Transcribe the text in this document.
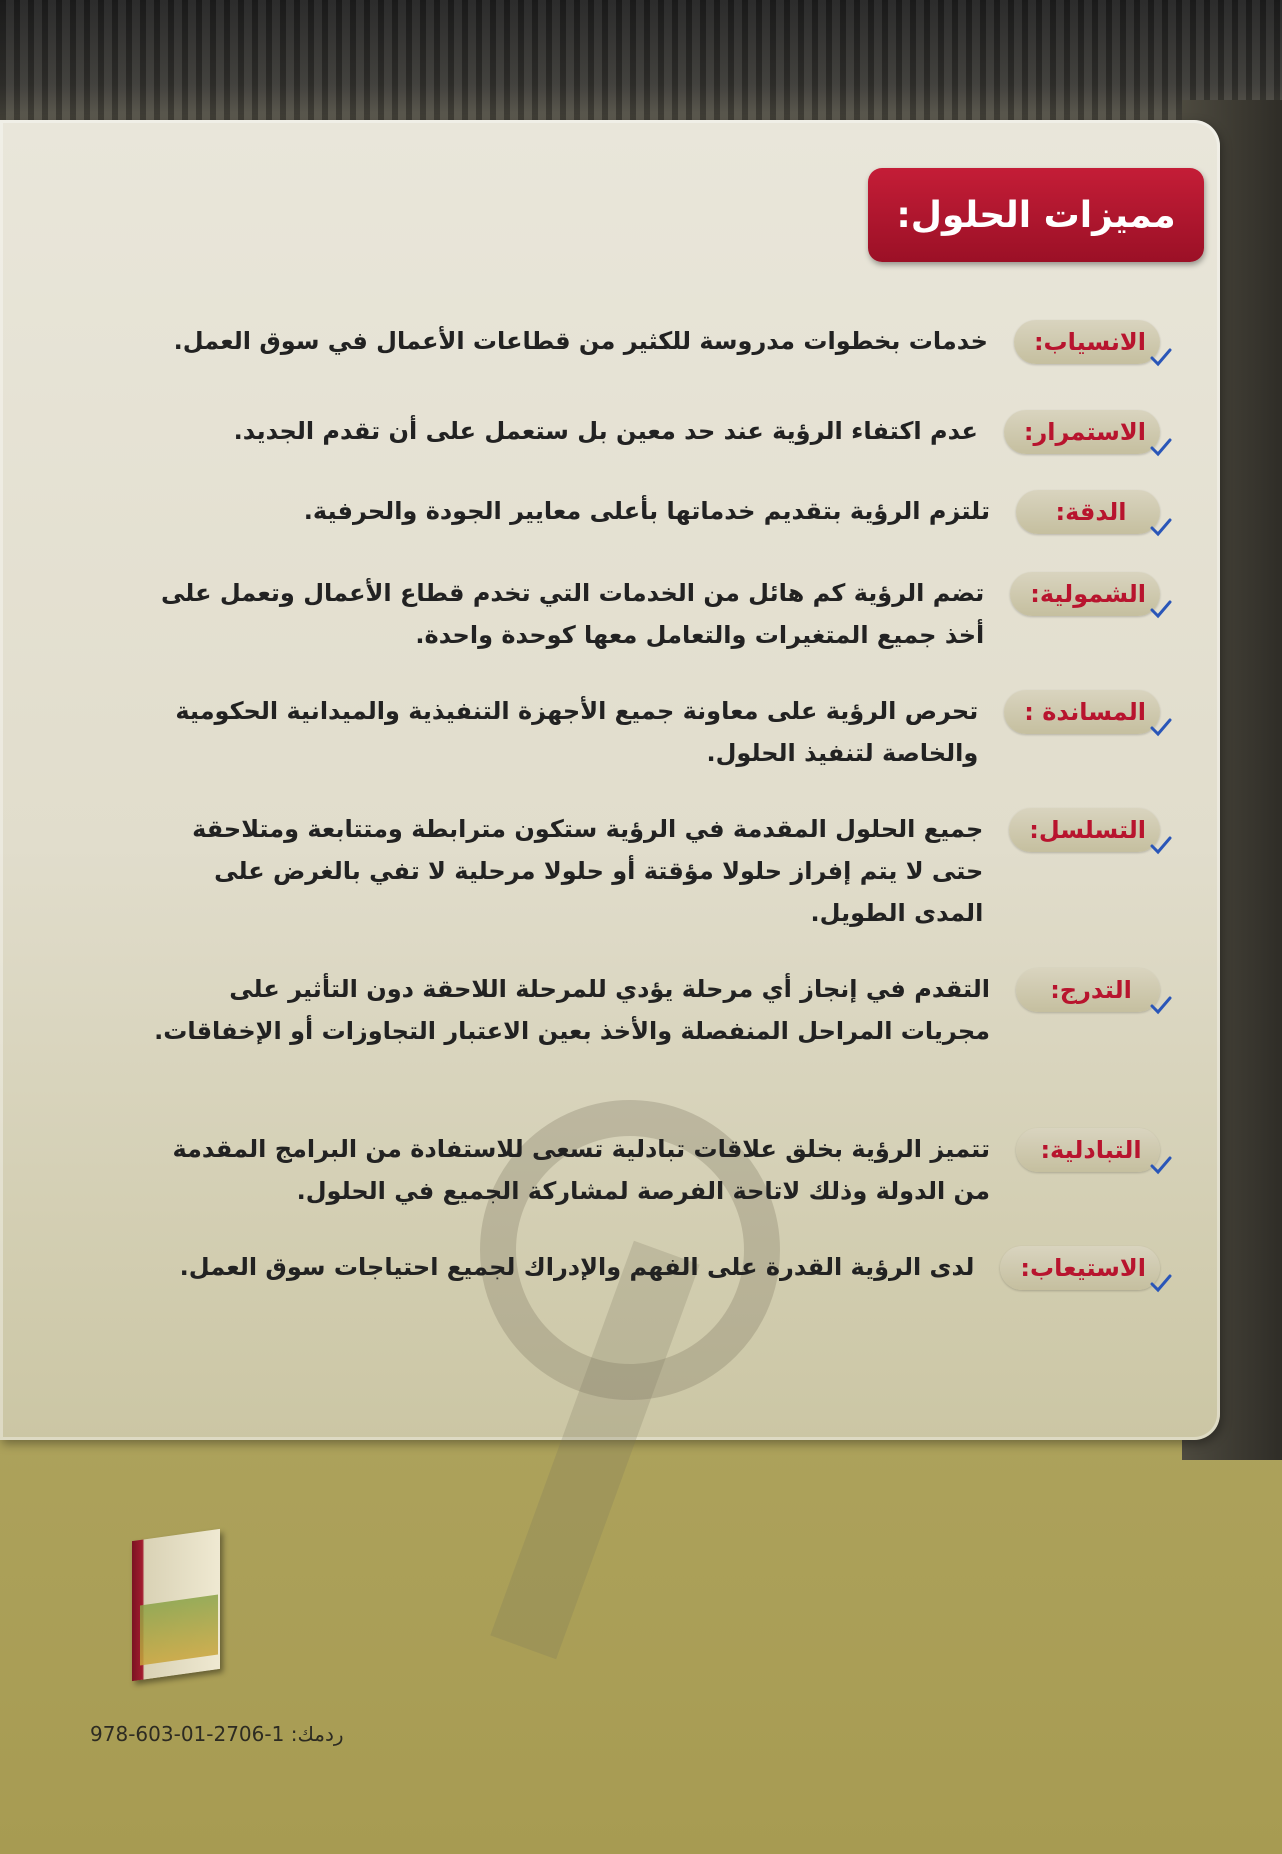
مميزات الحلول:
الانسياب:
خدمات بخطوات مدروسة للكثير من قطاعات الأعمال في سوق العمل.
الاستمرار:
عدم اكتفاء الرؤية عند حد معين بل ستعمل على أن تقدم الجديد.
الدقة:
تلتزم الرؤية بتقديم خدماتها بأعلى معايير الجودة والحرفية.
الشمولية:
تضم الرؤية كم هائل من الخدمات التي تخدم قطاع الأعمال وتعمل على أخذ جميع المتغيرات والتعامل معها كوحدة واحدة.
المساندة :
تحرص الرؤية على معاونة جميع الأجهزة التنفيذية والميدانية الحكومية والخاصة لتنفيذ الحلول.
التسلسل:
جميع الحلول المقدمة في الرؤية ستكون مترابطة ومتتابعة ومتلاحقة حتى لا يتم إفراز حلولا مؤقتة أو حلولا مرحلية لا تفي بالغرض على المدى الطويل.
التدرج:
التقدم في إنجاز أي مرحلة يؤدي للمرحلة اللاحقة دون التأثير على مجريات المراحل المنفصلة والأخذ بعين الاعتبار التجاوزات أو الإخفاقات.
التبادلية:
تتميز الرؤية بخلق علاقات تبادلية تسعى للاستفادة من البرامج المقدمة من الدولة وذلك لاتاحة الفرصة لمشاركة الجميع في الحلول.
الاستيعاب:
لدى الرؤية القدرة على الفهم والإدراك لجميع احتياجات سوق العمل.
ردمك: 1-2706-01-603-978
